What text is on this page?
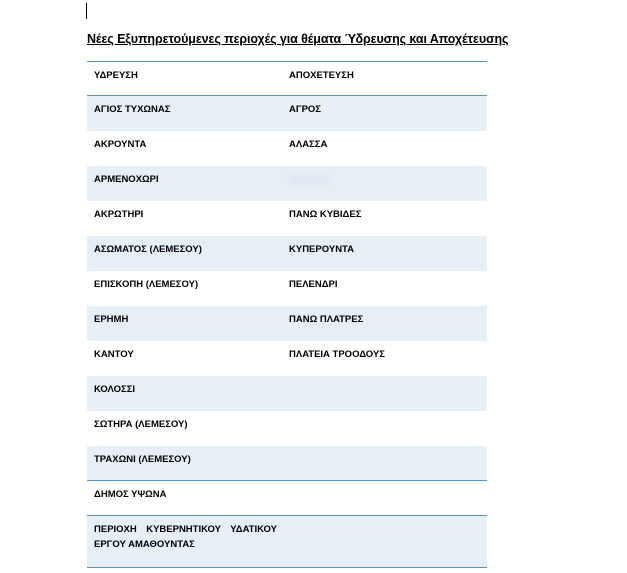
Νέες Εξυπηρετούμενες περιοχές για θέματα Ύδρευσης και Αποχέτευσης
ΥΔΡΕΥΣΗ	ΑΠΟΧΕΤΕΥΣΗ
ΑΓΙΟΣ ΤΥΧΩΝΑΣ	ΑΓΡΟΣ
ΑΚΡΟΥΝΤΑ	ΑΛΑΣΣΑ
ΑΡΜΕΝΟΧΩΡΙ
ΑΚΡΩΤΗΡΙ	ΠΑΝΩ ΚΥΒΙΔΕΣ
ΑΣΩΜΑΤΟΣ (ΛΕΜΕΣΟΥ)	ΚΥΠΕΡΟΥΝΤΑ
ΕΠΙΣΚΟΠΗ (ΛΕΜΕΣΟΥ)	ΠΕΛΕΝΔΡΙ
ΕΡΗΜΗ	ΠΑΝΩ ΠΛΑΤΡΕΣ
ΚΑΝΤΟΥ	ΠΛΑΤΕΙΑ ΤΡΟΟΔΟΥΣ
ΚΟΛΟΣΣΙ
ΣΩΤΗΡΑ (ΛΕΜΕΣΟΥ)
ΤΡΑΧΩΝΙ (ΛΕΜΕΣΟΥ)
ΔΗΜΟΣ ΥΨΩΝΑ
ΠΕΡΙΟΧΗ ΚΥΒΕΡΝΗΤΙΚΟΥ ΥΔΑΤΙΚΟΥ ΕΡΓΟΥ ΑΜΑΘΟΥΝΤΑΣ
